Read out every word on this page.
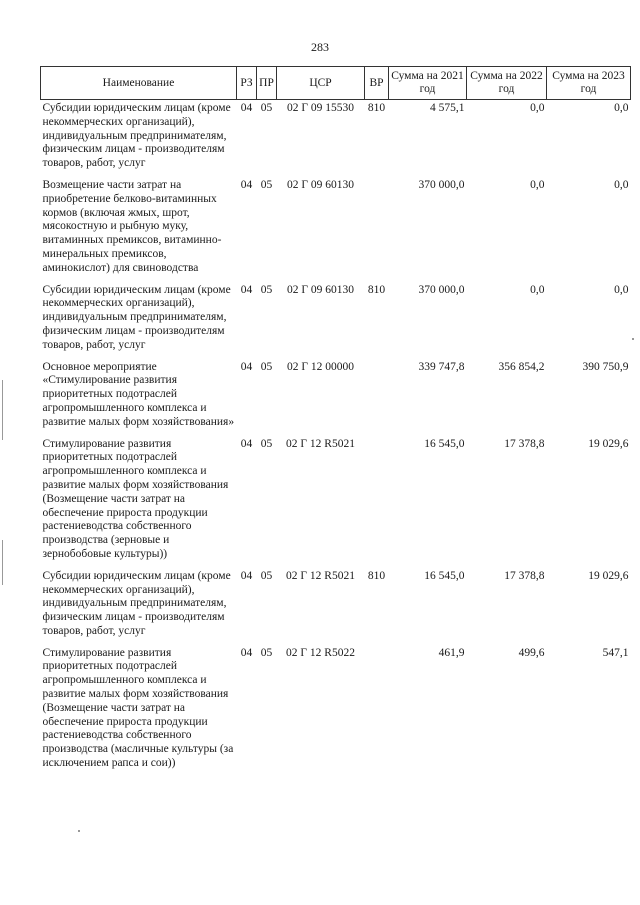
283
Наименование	РЗ	ПР	ЦСР	ВР	Сумма на 2021 год	Сумма на 2022 год	Сумма на 2023 год
Субсидии юридическим лицам (кроме некоммерческих организаций), индивидуальным предпринимателям, физическим лицам - производителям товаров, работ, услуг	04	05	02 Г 09 15530	810	4 575,1	0,0	0,0
Возмещение части затрат на приобретение белково-витаминных кормов (включая жмых, шрот, мясокостную и рыбную муку, витаминных премиксов, витаминно-минеральных премиксов, аминокислот) для свиноводства	04	05	02 Г 09 60130		370 000,0	0,0	0,0
Субсидии юридическим лицам (кроме некоммерческих организаций), индивидуальным предпринимателям, физическим лицам - производителям товаров, работ, услуг	04	05	02 Г 09 60130	810	370 000,0	0,0	0,0
Основное мероприятие «Стимулирование развития приоритетных подотраслей агропромышленного комплекса и развитие малых форм хозяйствования»	04	05	02 Г 12 00000		339 747,8	356 854,2	390 750,9
Стимулирование развития приоритетных подотраслей агропромышленного комплекса и развитие малых форм хозяйствования (Возмещение части затрат на обеспечение прироста продукции растениеводства собственного производства (зерновые и зернобобовые культуры))	04	05	02 Г 12 R5021		16 545,0	17 378,8	19 029,6
Субсидии юридическим лицам (кроме некоммерческих организаций), индивидуальным предпринимателям, физическим лицам - производителям товаров, работ, услуг	04	05	02 Г 12 R5021	810	16 545,0	17 378,8	19 029,6
Стимулирование развития приоритетных подотраслей агропромышленного комплекса и развитие малых форм хозяйствования (Возмещение части затрат на обеспечение прироста продукции растениеводства собственного производства (масличные культуры (за исключением рапса и сои))	04	05	02 Г 12 R5022		461,9	499,6	547,1
